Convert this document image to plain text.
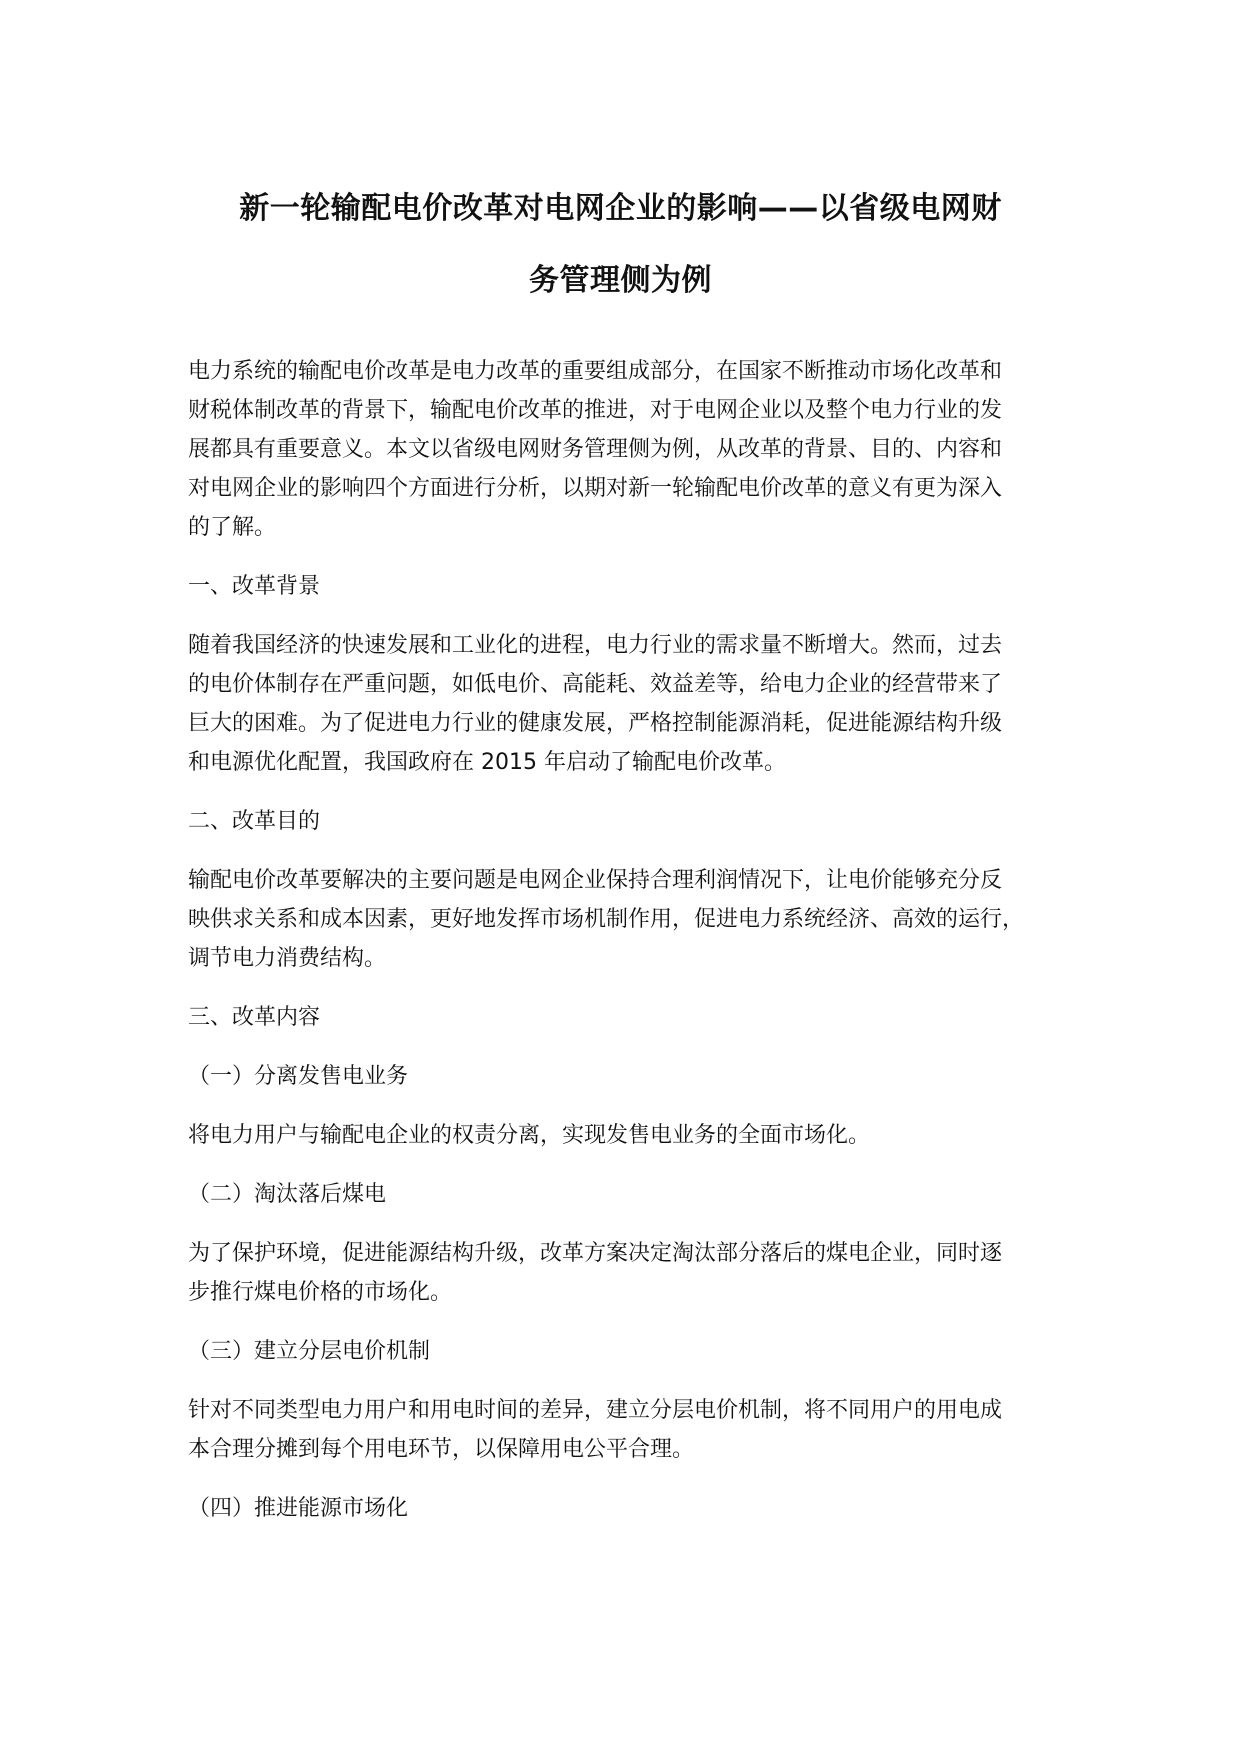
新一轮输配电价改革对电网企业的影响——以省级电网财
务管理侧为例

电力系统的输配电价改革是电力改革的重要组成部分，在国家不断推动市场化改革和
财税体制改革的背景下，输配电价改革的推进，对于电网企业以及整个电力行业的发
展都具有重要意义。本文以省级电网财务管理侧为例，从改革的背景、目的、内容和
对电网企业的影响四个方面进行分析，以期对新一轮输配电价改革的意义有更为深入
的了解。

一、改革背景

随着我国经济的快速发展和工业化的进程，电力行业的需求量不断增大。然而，过去
的电价体制存在严重问题，如低电价、高能耗、效益差等，给电力企业的经营带来了
巨大的困难。为了促进电力行业的健康发展，严格控制能源消耗，促进能源结构升级
和电源优化配置，我国政府在 2015 年启动了输配电价改革。

二、改革目的

输配电价改革要解决的主要问题是电网企业保持合理利润情况下，让电价能够充分反
映供求关系和成本因素，更好地发挥市场机制作用，促进电力系统经济、高效的运行，
调节电力消费结构。

三、改革内容

（一）分离发售电业务

将电力用户与输配电企业的权责分离，实现发售电业务的全面市场化。

（二）淘汰落后煤电

为了保护环境，促进能源结构升级，改革方案决定淘汰部分落后的煤电企业，同时逐
步推行煤电价格的市场化。

（三）建立分层电价机制

针对不同类型电力用户和用电时间的差异，建立分层电价机制，将不同用户的用电成
本合理分摊到每个用电环节，以保障用电公平合理。

（四）推进能源市场化
